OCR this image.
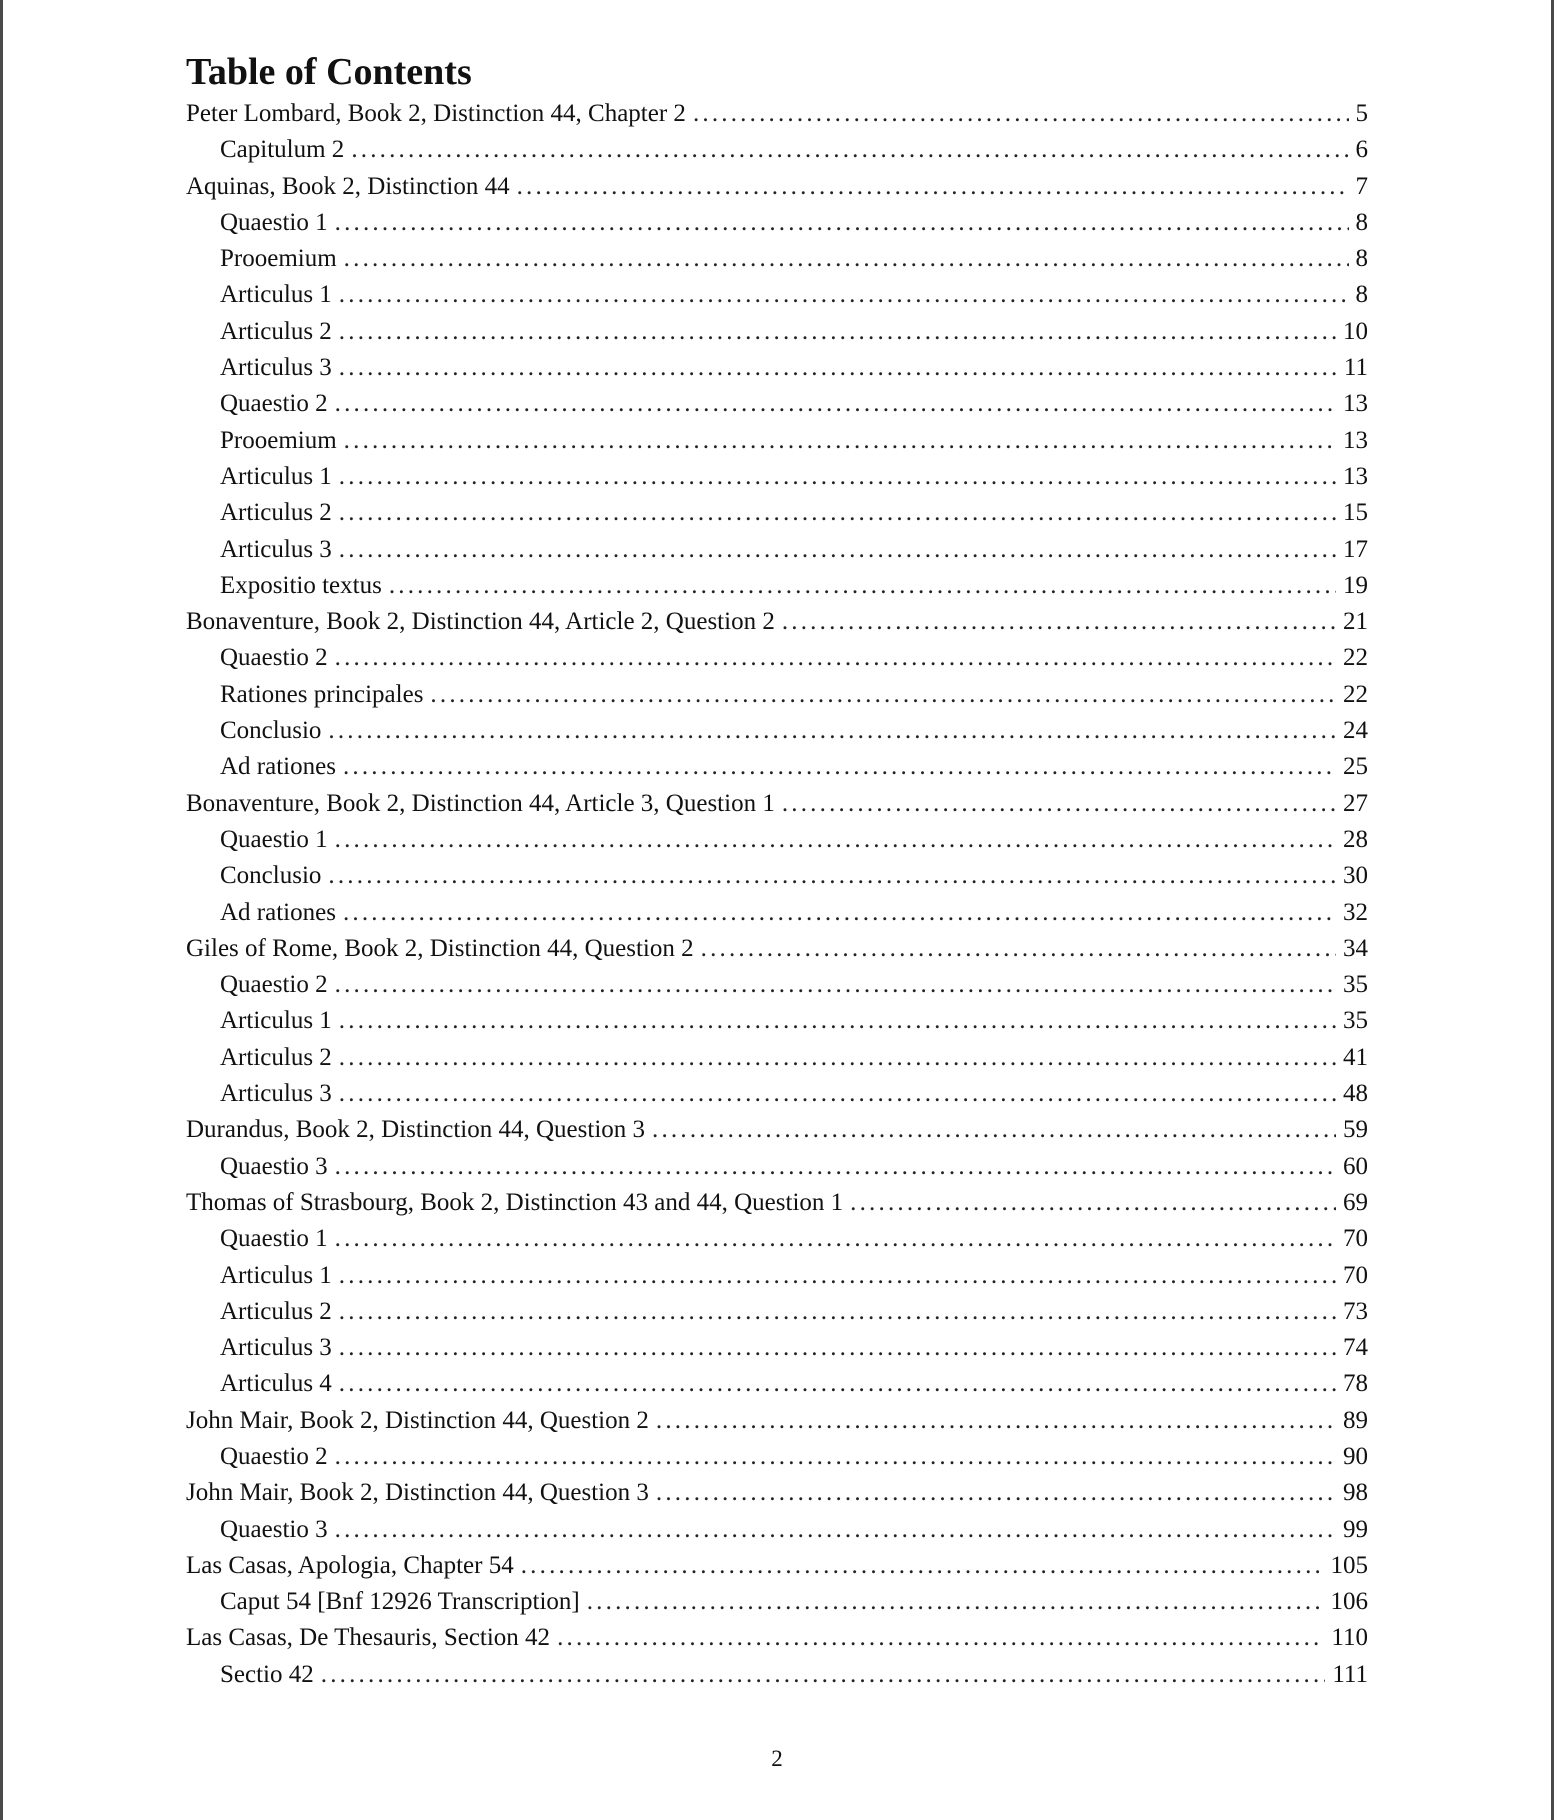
Table of Contents
Peter Lombard, Book 2, Distinction 44, Chapter 2 .....	5
Capitulum 2 .....	6
Aquinas, Book 2, Distinction 44 .....	7
Quaestio 1 .....	8
Prooemium .....	8
Articulus 1 .....	8
Articulus 2 .....	10
Articulus 3 .....	11
Quaestio 2 .....	13
Prooemium .....	13
Articulus 1 .....	13
Articulus 2 .....	15
Articulus 3 .....	17
Expositio textus .....	19
Bonaventure, Book 2, Distinction 44, Article 2, Question 2 .....	21
Quaestio 2 .....	22
Rationes principales .....	22
Conclusio .....	24
Ad rationes .....	25
Bonaventure, Book 2, Distinction 44, Article 3, Question 1 .....	27
Quaestio 1 .....	28
Conclusio .....	30
Ad rationes .....	32
Giles of Rome, Book 2, Distinction 44, Question 2 .....	34
Quaestio 2 .....	35
Articulus 1 .....	35
Articulus 2 .....	41
Articulus 3 .....	48
Durandus, Book 2, Distinction 44, Question 3 .....	59
Quaestio 3 .....	60
Thomas of Strasbourg, Book 2, Distinction 43 and 44, Question 1 .....	69
Quaestio 1 .....	70
Articulus 1 .....	70
Articulus 2 .....	73
Articulus 3 .....	74
Articulus 4 .....	78
John Mair, Book 2, Distinction 44, Question 2 .....	89
Quaestio 2 .....	90
John Mair, Book 2, Distinction 44, Question 3 .....	98
Quaestio 3 .....	99
Las Casas, Apologia, Chapter 54 .....	105
Caput 54 [Bnf 12926 Transcription] .....	106
Las Casas, De Thesauris, Section 42 .....	110
Sectio 42 .....	111
2
